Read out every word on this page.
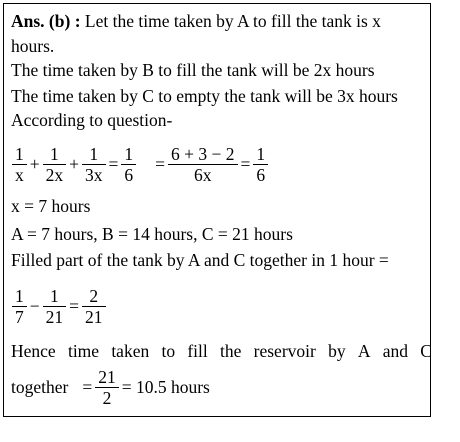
Ans. (b) : Let the time taken by A to fill the tank is x
hours.
The time taken by B to fill the tank will be 2x hours
The time taken by C to empty the tank will be 3x hours
According to question-
$\frac{1}{x} + \frac{1}{2x} + \frac{1}{3x} = \frac{1}{6} = \frac{6 + 3 - 2}{6x} = \frac{1}{6}$
x = 7 hours
A = 7 hours, B = 14 hours, C = 21 hours
Filled part of the tank by A and C together in 1 hour =
$\frac{1}{7} - \frac{1}{21} = \frac{2}{21}$
Hence time taken to fill the reservoir by A and C
together = $\frac{21}{2} = 10.5$ hours
